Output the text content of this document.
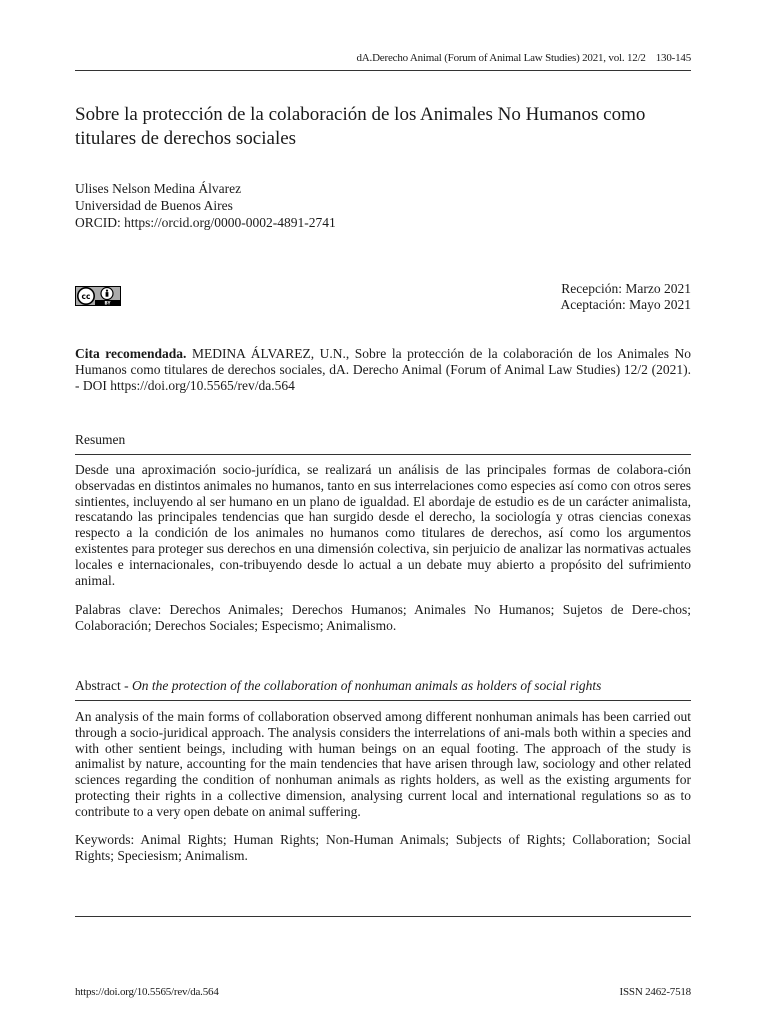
dA.Derecho Animal (Forum of Animal Law Studies) 2021, vol. 12/2 130-145
Sobre la protección de la colaboración de los Animales No Humanos como titulares de derechos sociales
Ulises Nelson Medina Álvarez
Universidad de Buenos Aires
ORCID: https://orcid.org/0000-0002-4891-2741
cc
BY
Recepción: Marzo 2021
Aceptación: Mayo 2021
Cita recomendada. MEDINA ÁLVAREZ, U.N., Sobre la protección de la colaboración de los Animales No Humanos como titulares de derechos sociales, dA. Derecho Animal (Forum of Animal Law Studies) 12/2 (2021). - DOI https://doi.org/10.5565/rev/da.564
Resumen

Desde una aproximación socio-jurídica, se realizará un análisis de las principales formas de colabora-ción observadas en distintos animales no humanos, tanto en sus interrelaciones como especies así como con otros seres sintientes, incluyendo al ser humano en un plano de igualdad. El abordaje de estudio es de un carácter animalista, rescatando las principales tendencias que han surgido desde el derecho, la sociología y otras ciencias conexas respecto a la condición de los animales no humanos como titulares de derechos, así como los argumentos existentes para proteger sus derechos en una dimensión colectiva, sin perjuicio de analizar las normativas actuales locales e internacionales, con-tribuyendo desde lo actual a un debate muy abierto a propósito del sufrimiento animal.

Palabras clave: Derechos Animales; Derechos Humanos; Animales No Humanos; Sujetos de Dere-chos; Colaboración; Derechos Sociales; Especismo; Animalismo.

Abstract - On the protection of the collaboration of nonhuman animals as holders of social rights

An analysis of the main forms of collaboration observed among different nonhuman animals has been carried out through a socio-juridical approach. The analysis considers the interrelations of ani-mals both within a species and with other sentient beings, including with human beings on an equal footing. The approach of the study is animalist by nature, accounting for the main tendencies that have arisen through law, sociology and other related sciences regarding the condition of nonhuman animals as rights holders, as well as the existing arguments for protecting their rights in a collective dimension, analysing current local and international regulations so as to contribute to a very open debate on animal suffering.

Keywords: Animal Rights; Human Rights; Non-Human Animals; Subjects of Rights; Collaboration; Social Rights; Speciesism; Animalism.

https://doi.org/10.5565/rev/da.564	ISSN 2462-7518
